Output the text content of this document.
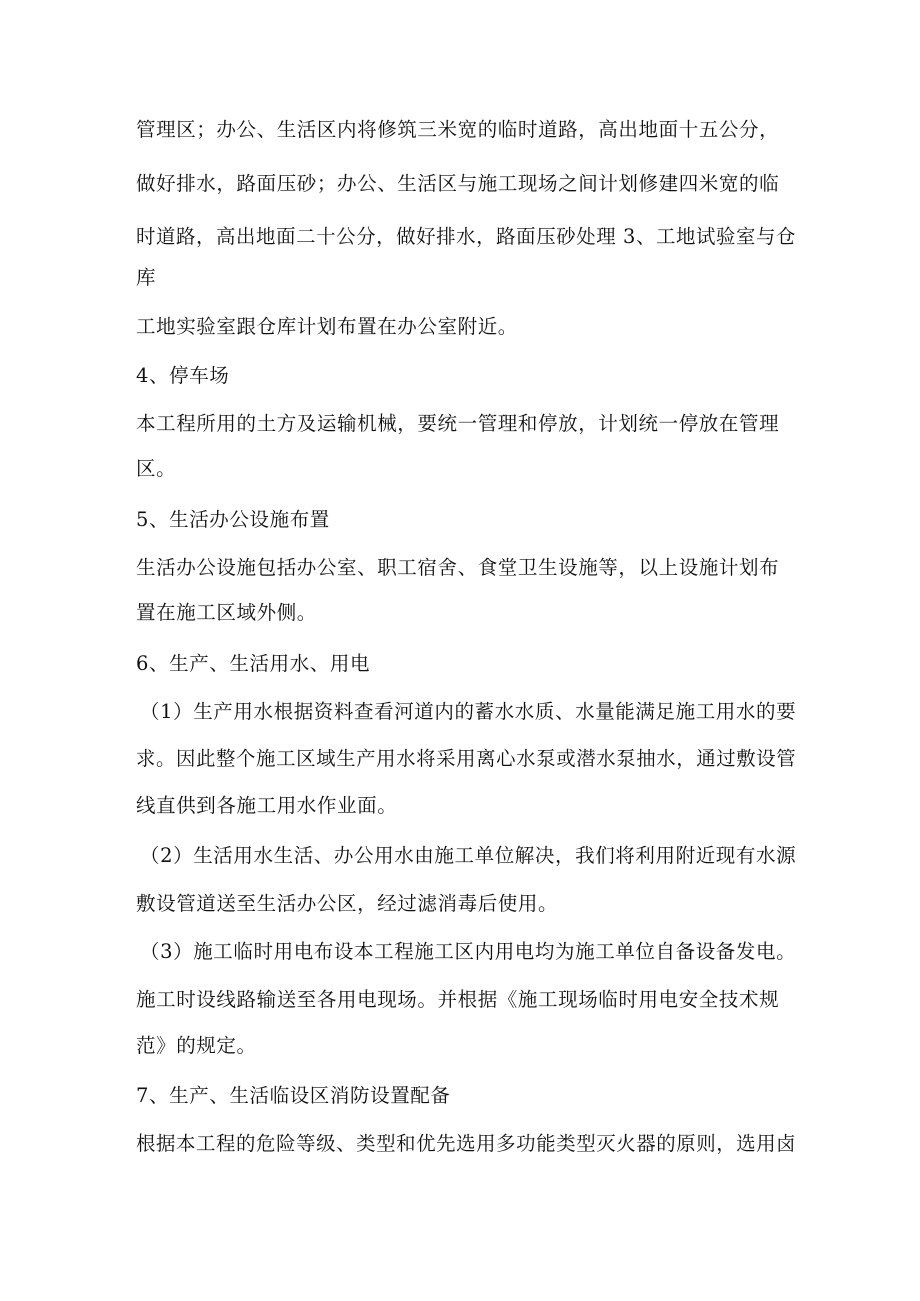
管理区；办公、生活区内将修筑三米宽的临时道路，高出地面十五公分，
做好排水，路面压砂；办公、生活区与施工现场之间计划修建四米宽的临
时道路，高出地面二十公分，做好排水，路面压砂处理 3、工地试验室与仓
库
工地实验室跟仓库计划布置在办公室附近。
4、停车场
本工程所用的土方及运输机械，要统一管理和停放，计划统一停放在管理
区。
5、生活办公设施布置
生活办公设施包括办公室、职工宿舍、食堂卫生设施等，以上设施计划布
置在施工区域外侧。
6、生产、生活用水、用电
（1）生产用水根据资料查看河道内的蓄水水质、水量能满足施工用水的要
求。因此整个施工区域生产用水将采用离心水泵或潜水泵抽水，通过敷设管
线直供到各施工用水作业面。
（2）生活用水生活、办公用水由施工单位解决，我们将利用附近现有水源
敷设管道送至生活办公区，经过滤消毒后使用。
（3）施工临时用电布设本工程施工区内用电均为施工单位自备设备发电。
施工时设线路输送至各用电现场。并根据《施工现场临时用电安全技术规
范》的规定。
7、生产、生活临设区消防设置配备
根据本工程的危险等级、类型和优先选用多功能类型灭火器的原则，选用卤
